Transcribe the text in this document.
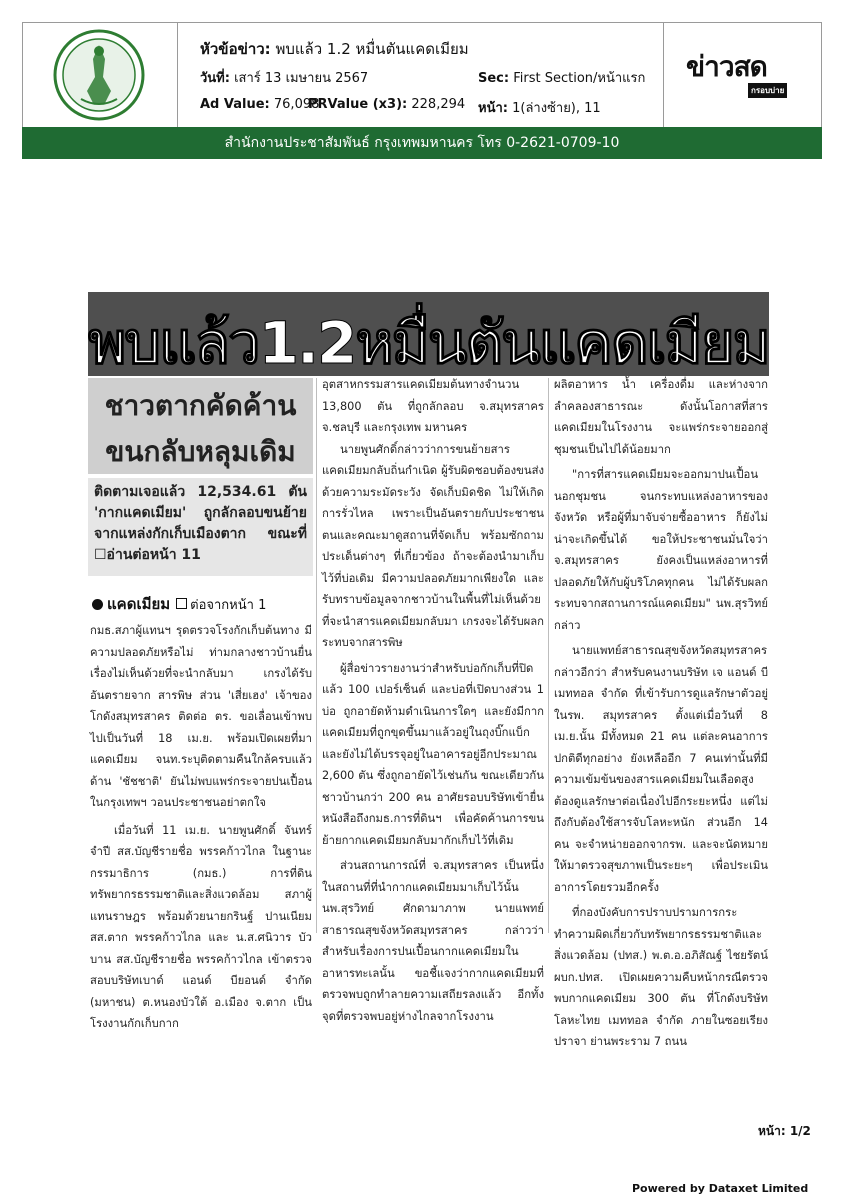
หัวข้อข่าว: พบแล้ว 1.2 หมื่นตันแคดเมียม
วันที่: เสาร์ 13 เมษายน 2567	Sec: First Section/หน้าแรก
Ad Value: 76,098
PRValue (x3): 228,294 หน้า: 1(ล่างซ้าย), 11
ข่าวสด
กรอบบ่าย
สำนักงานประชาสัมพันธ์ กรุงเทพมหานคร โทร 0-2621-0709-10
พบแล้ว1.2หมื่นตันแคดเมียม
ชาวตากคัดค้าน
ขนกลับหลุมเดิม

ติดตามเจอแล้ว 12,534.61 ตัน 'กากแคดเมียม' ถูกลักลอบขนย้ายจากแหล่งกักเก็บเมืองตาก ขณะที่ ☐อ่านต่อหน้า 11

แคดเมียม ต่อจากหน้า 1

กมธ.สภาผู้แทนฯ รุดตรวจโรงกักเก็บต้นทาง มีความปลอดภัยหรือไม่ ท่ามกลางชาวบ้านยื่นเรื่องไม่เห็นด้วยที่จะนำกลับมา เกรงได้รับอันตรายจาก สารพิษ ส่วน 'เสี่ยเฮง' เจ้าของโกดังสมุทรสาคร ติดต่อ ตร. ขอเลื่อนเข้าพบไปเป็นวันที่ 18 เม.ย. พร้อมเปิดเผยที่มาแคดเมียม จนท.ระบุติดตามคืนใกล้ครบแล้ว ด้าน 'ชัชชาติ' ยันไม่พบแพร่กระจายปนเปื้อนในกรุงเทพฯ วอนประชาชนอย่าตกใจ

เมื่อวันที่ 11 เม.ย. นายพูนศักดิ์ จันทร์จำปี สส.บัญชีรายชื่อ พรรคก้าวไกล ในฐานะกรรมาธิการ (กมธ.) การที่ดิน ทรัพยากรธรรมชาติและสิ่งแวดล้อม สภาผู้แทนราษฎร พร้อมด้วยนายกรินฐ์ ปานเนียม สส.ตาก พรรคก้าวไกล และ น.ส.ศนิวาร บัวบาน สส.บัญชีรายชื่อ พรรคก้าวไกล เข้าตรวจสอบบริษัทเบาด์ แอนด์ บียอนด์ จำกัด (มหาชน) ต.หนองบัวใต้ อ.เมือง จ.ตาก เป็นโรงงานกักเก็บกาก

อุตสาหกรรมสารแคดเมียมต้นทางจำนวน 13,800 ตัน ที่ถูกลักลอบ จ.สมุทรสาคร จ.ชลบุรี และกรุงเทพ มหานคร

นายพูนศักดิ์กล่าวว่าการขนย้ายสารแคดเมียมกลับถิ่นกำเนิด ผู้รับผิดชอบต้องขนส่งด้วยความระมัดระวัง จัดเก็บมิดชิด ไม่ให้เกิดการรั่วไหล เพราะเป็นอันตรายกับประชาชน ตนและคณะมาดูสถานที่จัดเก็บ พร้อมซักถามประเด็นต่างๆ ที่เกี่ยวข้อง ถ้าจะต้องนำมาเก็บไว้ที่บ่อเดิม มีความปลอดภัยมากเพียงใด และรับทราบข้อมูลจากชาวบ้านในพื้นที่ไม่เห็นด้วยที่จะนำสารแคดเมียมกลับมา เกรงจะได้รับผลกระทบจากสารพิษ

ผู้สื่อข่าวรายงานว่าสำหรับบ่อกักเก็บที่ปิดแล้ว 100 เปอร์เซ็นต์ และบ่อที่เปิดบางส่วน 1 บ่อ ถูกอายัดห้ามดำเนินการใดๆ และยังมีกากแคดเมียมที่ถูกขุดขึ้นมาแล้วอยู่ในถุงบิ๊กแบ็ก และยังไม่ได้บรรจุอยู่ในอาคารอยู่อีกประมาณ 2,600 ตัน ซึ่งถูกอายัดไว้เช่นกัน ขณะเดียวกันชาวบ้านกว่า 200 คน อาศัยรอบบริษัทเข้ายื่นหนังสือถึงกมธ.การที่ดินฯ เพื่อคัดค้านการขนย้ายกากแคดเมียมกลับมากักเก็บไว้ที่เดิม

ส่วนสถานการณ์ที่ จ.สมุทรสาคร เป็นหนึ่งในสถานที่ที่นำกากแคดเมียมมาเก็บไว้นั้น นพ.สุรวิทย์ ศักดามาภาพ นายแพทย์สาธารณสุขจังหวัดสมุทรสาคร กล่าวว่าสำหรับเรื่องการปนเปื้อนกากแคดเมียมในอาหารทะเลนั้น ขอชี้แจงว่ากากแคดเมียมที่ตรวจพบถูกทำลายความเสถียรลงแล้ว อีกทั้งจุดที่ตรวจพบอยู่ห่างไกลจากโรงงาน

ผลิตอาหาร น้ำ เครื่องดื่ม และห่างจากลำคลองสาธารณะ ดังนั้นโอกาสที่สารแคดเมียมในโรงงาน จะแพร่กระจายออกสู่ชุมชนเป็นไปได้น้อยมาก

"การที่สารแคดเมียมจะออกมาปนเปื้อนนอกชุมชน จนกระทบแหล่งอาหารของจังหวัด หรือผู้ที่มาจับจ่ายซื้ออาหาร ก็ยังไม่น่าจะเกิดขึ้นได้ ขอให้ประชาชนมั่นใจว่า จ.สมุทรสาคร ยังคงเป็นแหล่งอาหารที่ปลอดภัยให้กับผู้บริโภคทุกคน ไม่ได้รับผลกระทบจากสถานการณ์แคดเมียม" นพ.สุรวิทย์กล่าว

นายแพทย์สาธารณสุขจังหวัดสมุทรสาครกล่าวอีกว่า สำหรับคนงานบริษัท เจ แอนด์ บี เมททอล จำกัด ที่เข้ารับการดูแลรักษาตัวอยู่ในรพ. สมุทรสาคร ตั้งแต่เมื่อวันที่ 8 เม.ย.นั้น มีทั้งหมด 21 คน แต่ละคนอาการปกติดีทุกอย่าง ยังเหลืออีก 7 คนเท่านั้นที่มีความเข้มข้นของสารแคดเมียมในเลือดสูง ต้องดูแลรักษาต่อเนื่องไปอีกระยะหนึ่ง แต่ไม่ถึงกับต้องใช้สารจับโลหะหนัก ส่วนอีก 14 คน จะจำหน่ายออกจากรพ. และจะนัดหมายให้มาตรวจสุขภาพเป็นระยะๆ เพื่อประเมินอาการโดยรวมอีกครั้ง

ที่กองบังคับการปราบปรามการกระทำความผิดเกี่ยวกับทรัพยากรธรรมชาติและสิ่งแวดล้อม (ปทส.) พ.ต.อ.อภิสัณฐ์ ไชยรัตน์ ผบก.ปทส. เปิดเผยความคืบหน้ากรณีตรวจพบกากแคดเมียม 300 ตัน ที่โกดังบริษัท โลหะไทย เมททอล จำกัด ภายในซอยเรียงปราจา ย่านพระราม 7 ถนน

หน้า: 1/2
Powered by Dataxet Limited
